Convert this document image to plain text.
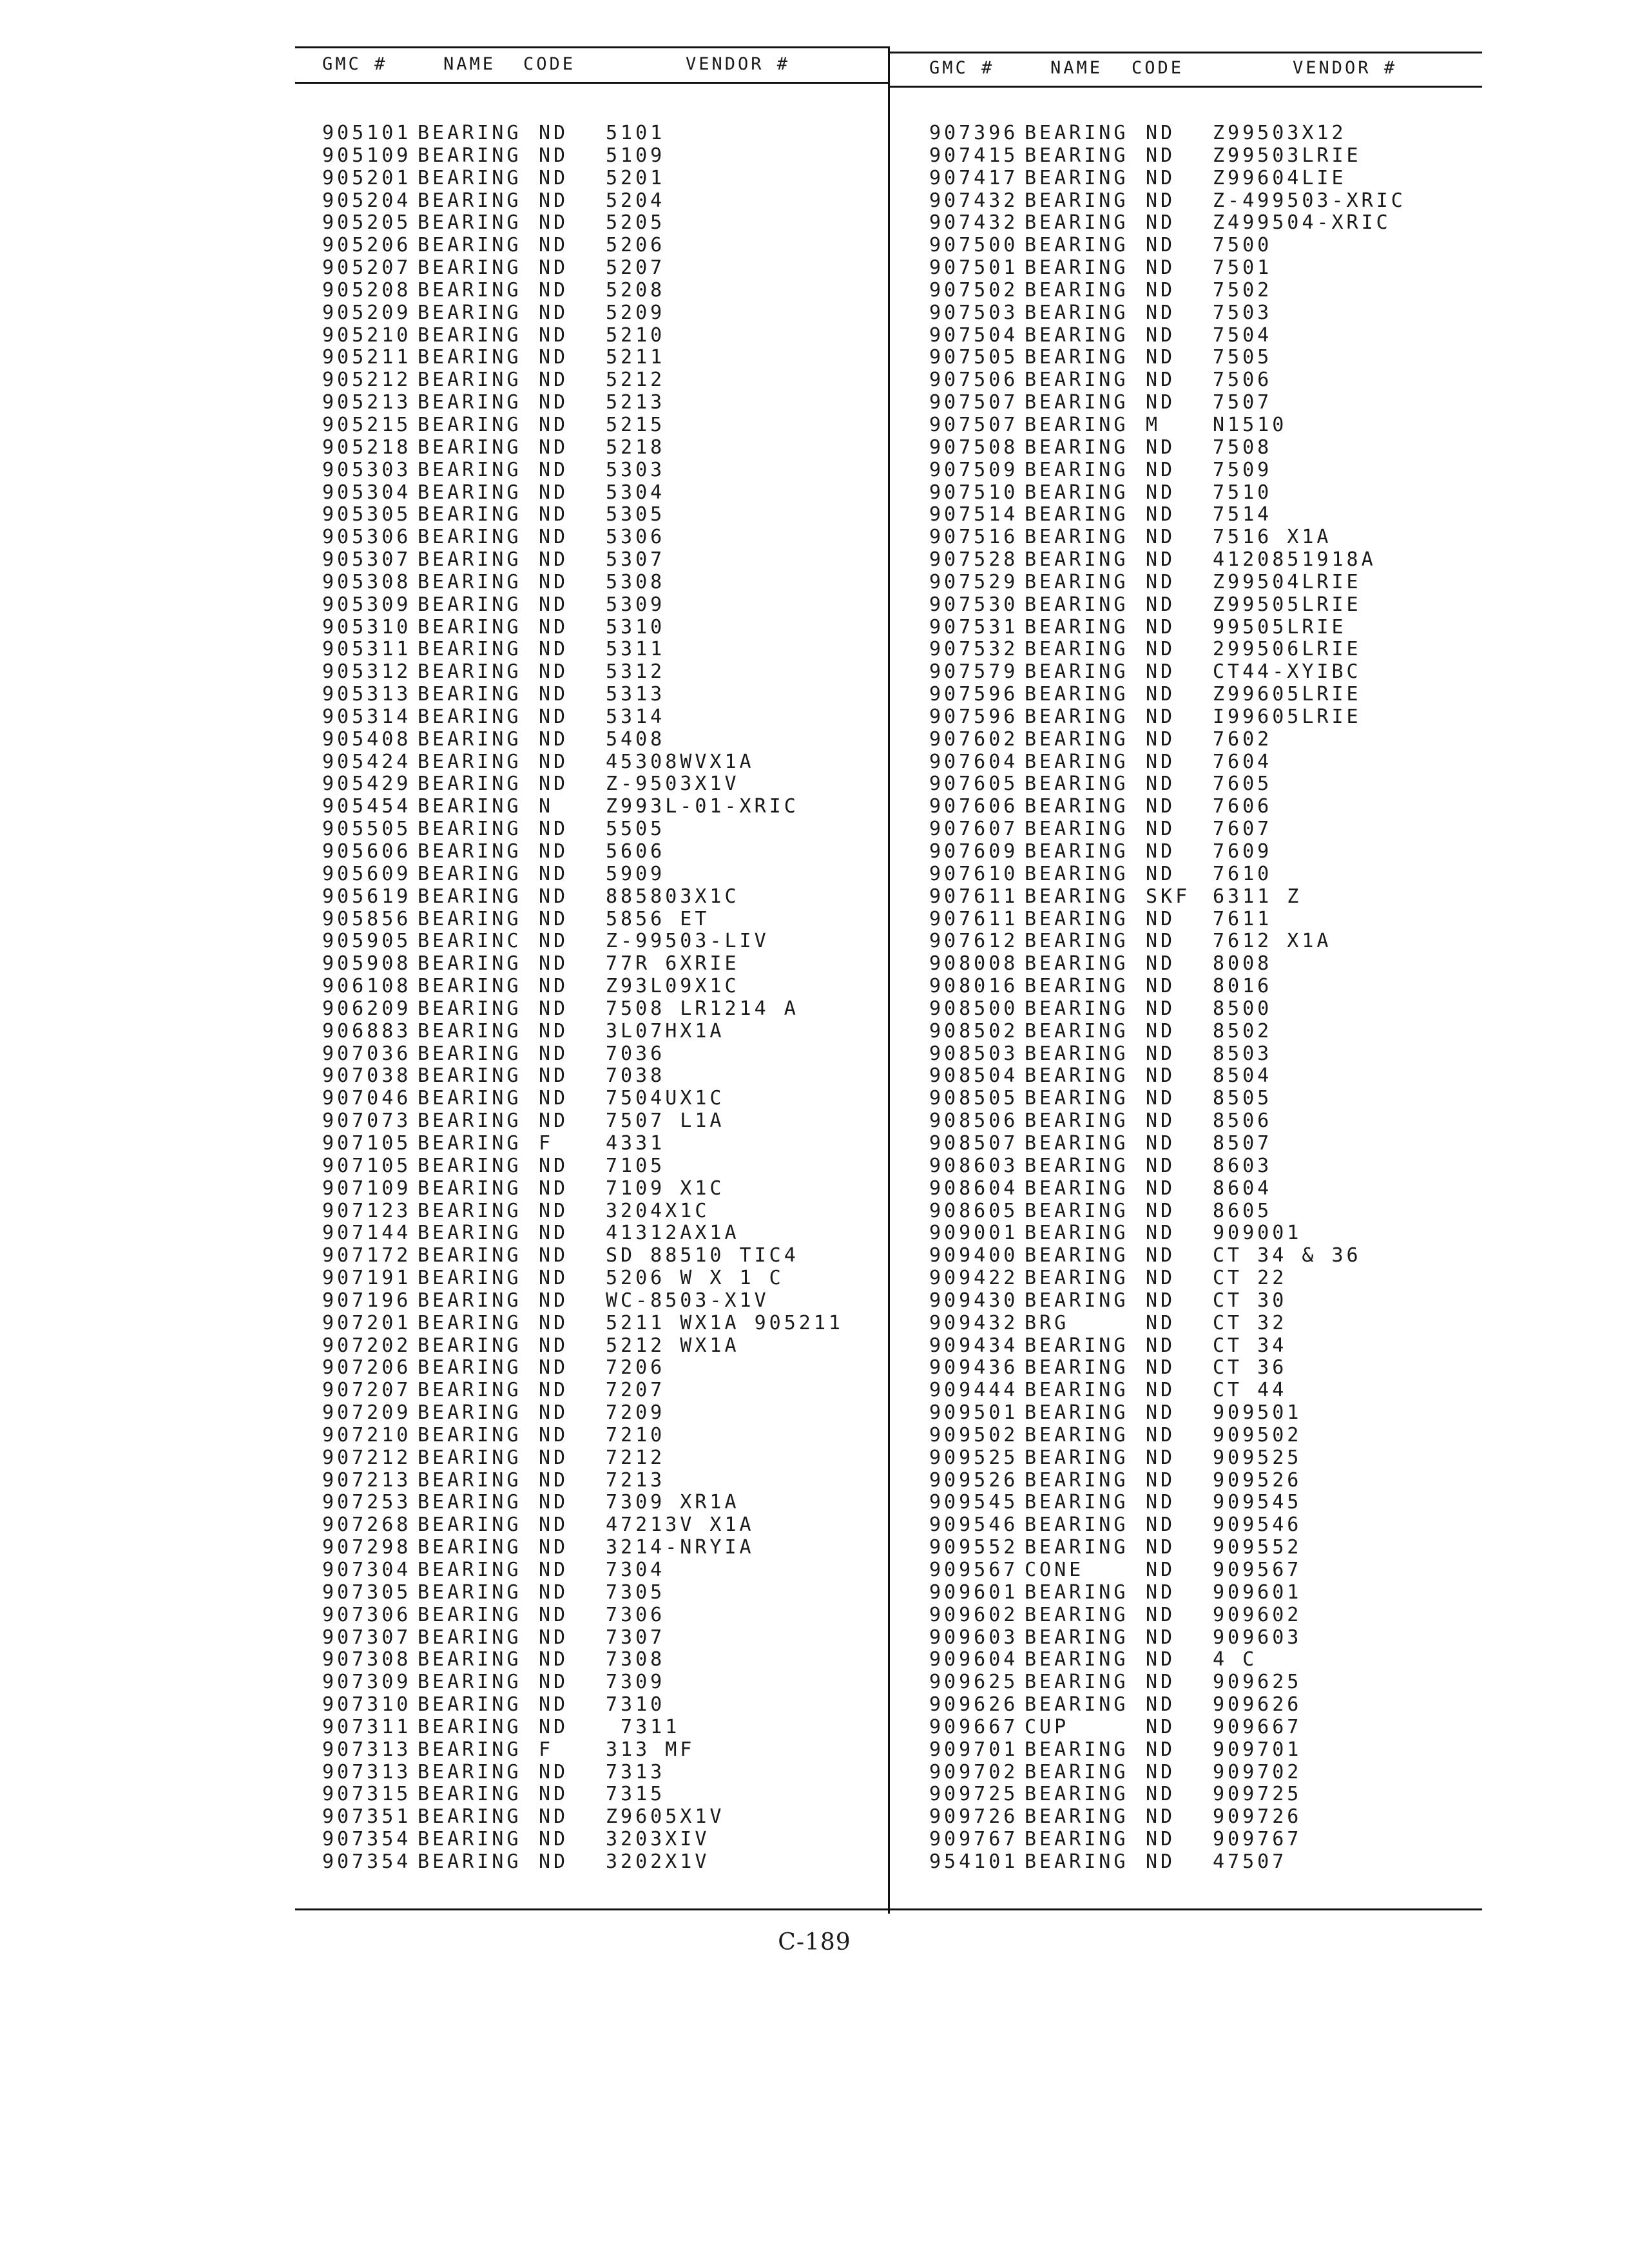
GMC #	NAME CODE	VENDOR #	GMC #	NAME CODE	VENDOR #
905101 BEARING ND 5101
905109 BEARING ND 5109
905201 BEARING ND 5201
905204 BEARING ND 5204
905205 BEARING ND 5205
905206 BEARING ND 5206
905207 BEARING ND 5207
905208 BEARING ND 5208
905209 BEARING ND 5209
905210 BEARING ND 5210
905211 BEARING ND 5211
905212 BEARING ND 5212
905213 BEARING ND 5213
905215 BEARING ND 5215
905218 BEARING ND 5218
905303 BEARING ND 5303
905304 BEARING ND 5304
905305 BEARING ND 5305
905306 BEARING ND 5306
905307 BEARING ND 5307
905308 BEARING ND 5308
905309 BEARING ND 5309
905310 BEARING ND 5310
905311 BEARING ND 5311
905312 BEARING ND 5312
905313 BEARING ND 5313
905314 BEARING ND 5314
905408 BEARING ND 5408
905424 BEARING ND 45308WVX1A
905429 BEARING ND Z-9503X1V
905454 BEARING N	Z993L-01-XRIC
905505 BEARING ND 5505
905606 BEARING ND 5606
905609 BEARING ND 5909
905619 BEARING ND 885803X1C
905856 BEARING ND 5856 ET
905905 BEARINC ND Z-99503-LIV
905908 BEARING ND 77R 6XRIE
906108 BEARING ND Z93L09X1C
906209 BEARING ND 7508 LR1214 A
906883 BEARING ND 3L07HX1A
907036 BEARING ND 7036
907038 BEARING ND 7038
907046 BEARING ND 7504UX1C
907073 BEARING ND 7507 L1A
907105 BEARING F	4331
907105 BEARING ND 7105
907109 BEARING ND 7109 X1C
907123 BEARING ND 3204X1C
907144 BEARING ND 41312AX1A
907172 BEARING ND SD 88510 TIC4
907191 BEARING ND 5206 W X 1 C
907196 BEARING ND WC-8503-X1V
907201 BEARING ND 5211 WX1A 905211
907202 BEARING ND 5212 WX1A
907206 BEARING ND 7206
907207 BEARING ND 7207
907209 BEARING ND 7209
907210 BEARING ND 7210
907212 BEARING ND 7212
907213 BEARING ND 7213
907253 BEARING ND 7309 XR1A
907268 BEARING ND 47213V X1A
907298 BEARING ND 3214-NRYIA
907304 BEARING ND 7304
907305 BEARING ND 7305
907306 BEARING ND 7306
907307 BEARING ND 7307
907308 BEARING ND 7308
907309 BEARING ND 7309
907310 BEARING ND 7310
907311 BEARING ND 7311
907313 BEARING F	313 MF
907313 BEARING ND 7313
907315 BEARING ND 7315
907351 BEARING ND Z9605X1V
907354 BEARING ND 3203XIV
907354 BEARING ND 3202X1V
907396 BEARING ND Z99503X12
907415 BEARING ND Z99503LRIE
907417 BEARING ND Z99604LIE
907432 BEARING ND Z-499503-XRIC
907432 BEARING ND Z499504-XRIC
907500 BEARING ND 7500
907501 BEARING ND 7501
907502 BEARING ND 7502
907503 BEARING ND 7503
907504 BEARING ND 7504
907505 BEARING ND 7505
907506 BEARING ND 7506
907507 BEARING ND 7507
907507 BEARING M	N1510
907508 BEARING ND 7508
907509 BEARING ND 7509
907510 BEARING ND 7510
907514 BEARING ND 7514
907516 BEARING ND 7516 X1A
907528 BEARING ND 4120851918A
907529 BEARING ND Z99504LRIE
907530 BEARING ND Z99505LRIE
907531 BEARING ND 99505LRIE
907532 BEARING ND 299506LRIE
907579 BEARING ND CT44-XYIBC
907596 BEARING ND Z99605LRIE
907596 BEARING ND I99605LRIE
907602 BEARING ND 7602
907604 BEARING ND 7604
907605 BEARING ND 7605
907606 BEARING ND 7606
907607 BEARING ND 7607
907609 BEARING ND 7609
907610 BEARING ND 7610
907611 BEARING SKF 6311 Z
907611 BEARING ND 7611
907612 BEARING ND 7612 X1A
908008 BEARING ND 8008
908016 BEARING ND 8016
908500 BEARING ND 8500
908502 BEARING ND 8502
908503 BEARING ND 8503
908504 BEARING ND 8504
908505 BEARING ND 8505
908506 BEARING ND 8506
908507 BEARING ND 8507
908603 BEARING ND 8603
908604 BEARING ND 8604
908605 BEARING ND 8605
909001 BEARING ND 909001
909400 BEARING ND CT 34 & 36
909422 BEARING ND CT 22
909430 BEARING ND CT 30
909432 BRG	ND CT 32
909434 BEARING ND CT 34
909436 BEARING ND CT 36
909444 BEARING ND CT 44
909501 BEARING ND 909501
909502 BEARING ND 909502
909525 BEARING ND 909525
909526 BEARING ND 909526
909545 BEARING ND 909545
909546 BEARING ND 909546
909552 BEARING ND 909552
909567 CONE	ND 909567
909601 BEARING ND 909601
909602 BEARING ND 909602
909603 BEARING ND 909603
909604 BEARING ND 4 C
909625 BEARING ND 909625
909626 BEARING ND 909626
909667 CUP	ND 909667
909701 BEARING ND 909701
909702 BEARING ND 909702
909725 BEARING ND 909725
909726 BEARING ND 909726
909767 BEARING ND 909767
954101 BEARING ND 47507
C-189
